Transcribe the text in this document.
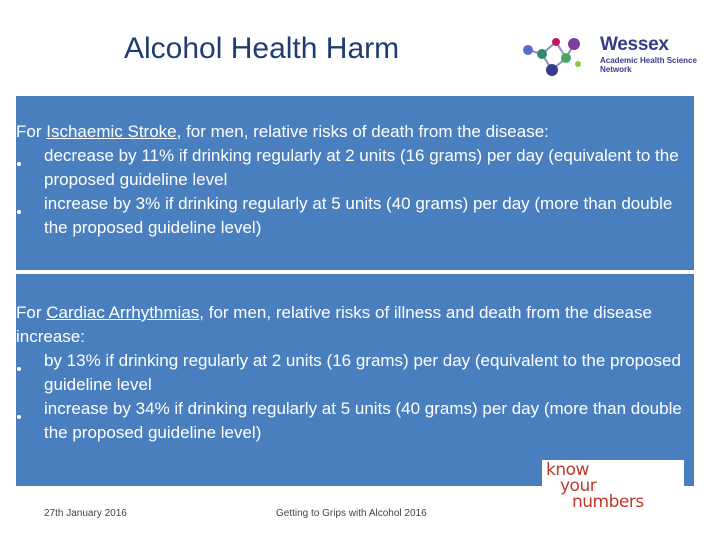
Alcohol Health Harm	Wessex
Academic Health Science Network

For Ischaemic Stroke, for men, relative risks of death from the disease:

decrease by 11% if drinking regularly at 2 units (16 grams) per day (equivalent to the proposed guideline level
increase by 3% if drinking regularly at 5 units (40 grams) per day (more than double the proposed guideline level)

For Cardiac Arrhythmias, for men, relative risks of illness and death from the disease increase:

by 13% if drinking regularly at 2 units (16 grams) per day (equivalent to the proposed guideline level
increase by 34% if drinking regularly at 5 units (40 grams) per day (more than double the proposed guideline level)
know
your
numbers
27th January 2016	Getting to Grips with Alcohol 2016
